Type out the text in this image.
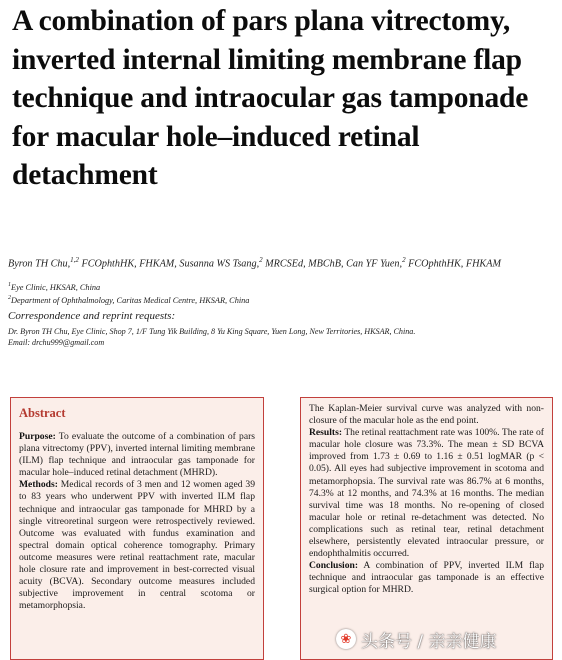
A combination of pars plana vitrectomy, inverted internal limiting membrane flap technique and intraocular gas tamponade for macular hole–induced retinal detachment
Byron TH Chu,$^{1,2}$ FCOphthHK, FHKAM, Susanna WS Tsang,$^2$ MRCSEd, MBChB, Can YF Yuen,$^2$ FCOphthHK, FHKAM
$^1$Eye Clinic, HKSAR, China
$^2$Department of Ophthalmology, Caritas Medical Centre, HKSAR, China
Correspondence and reprint requests:
Dr. Byron TH Chu, Eye Clinic, Shop 7, 1/F Tung Yik Building, 8 Yu King Square, Yuen Long, New Territories, HKSAR, China.
Email: drchu999@gmail.com
Abstract

Purpose: To evaluate the outcome of a combination of pars plana vitrectomy (PPV), inverted internal limiting membrane (ILM) flap technique and intraocular gas tamponade for macular hole–induced retinal detachment (MHRD).

Methods: Medical records of 3 men and 12 women aged 39 to 83 years who underwent PPV with inverted ILM flap technique and intraocular gas tamponade for MHRD by a single vitreoretinal surgeon were retrospectively reviewed. Outcome was evaluated with fundus examination and spectral domain optical coherence tomography. Primary outcome measures were retinal reattachment rate, macular hole closure rate and improvement in best-corrected visual acuity (BCVA). Secondary outcome measures included subjective improvement in central scotoma or metamorphopsia.

The Kaplan-Meier survival curve was analyzed with non-closure of the macular hole as the end point.

Results: The retinal reattachment rate was 100%. The rate of macular hole closure was 73.3%. The mean ± SD BCVA improved from 1.73 ± 0.69 to 1.16 ± 0.51 logMAR (p < 0.05). All eyes had subjective improvement in scotoma and metamorphopsia. The survival rate was 86.7% at 6 months, 74.3% at 12 months, and 74.3% at 16 months. The median survival time was 18 months. No re-opening of closed macular hole or retinal re-detachment was detected. No complications such as retinal tear, retinal detachment elsewhere, persistently elevated intraocular pressure, or endophthalmitis occurred.

Conclusion: A combination of PPV, inverted ILM flap technique and intraocular gas tamponade is an effective surgical option for MHRD.

❀ 头条号 / 亲亲健康
